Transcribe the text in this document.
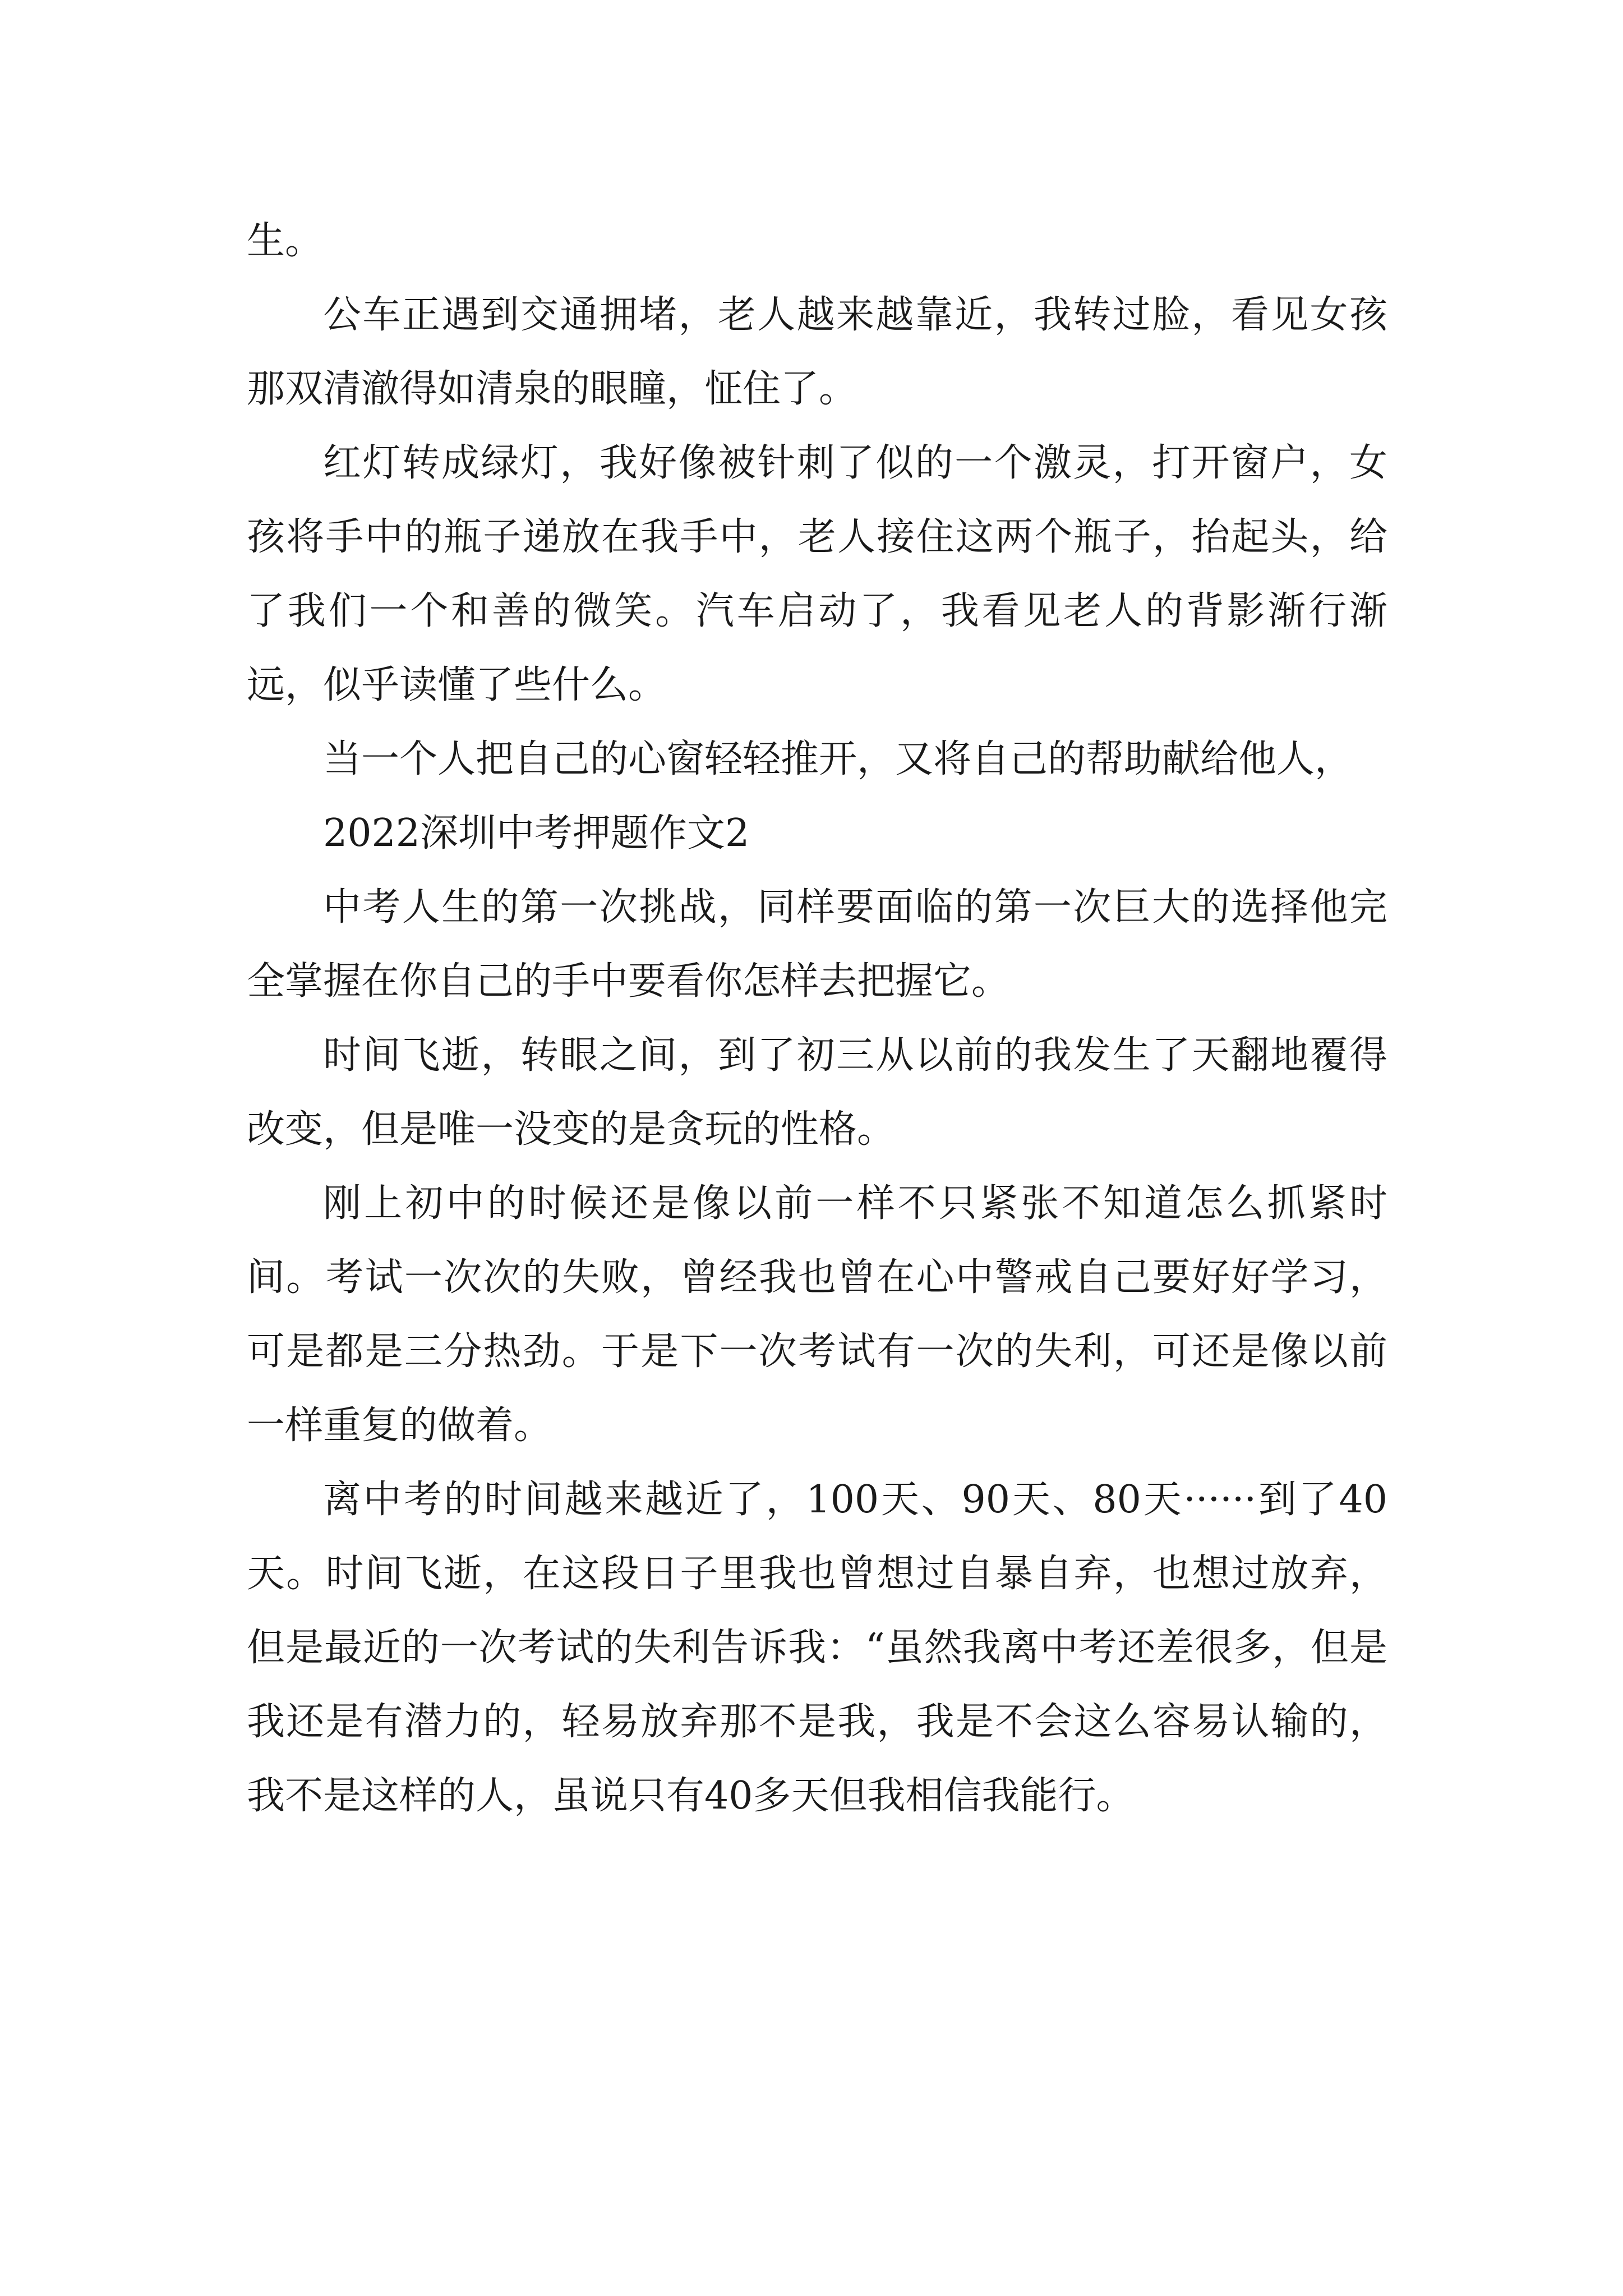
生。

公车正遇到交通拥堵，老人越来越靠近，我转过脸，看见女孩那双清澈得如清泉的眼瞳，怔住了。

红灯转成绿灯，我好像被针刺了似的一个激灵，打开窗户，女孩将手中的瓶子递放在我手中，老人接住这两个瓶子，抬起头，给了我们一个和善的微笑。汽车启动了，我看见老人的背影渐行渐远，似乎读懂了些什么。

当一个人把自己的心窗轻轻推开，又将自己的帮助献给他人，

2022深圳中考押题作文2

中考人生的第一次挑战，同样要面临的第一次巨大的选择他完全掌握在你自己的手中要看你怎样去把握它。

时间飞逝，转眼之间，到了初三从以前的我发生了天翻地覆得改变，但是唯一没变的是贪玩的性格。

刚上初中的时候还是像以前一样不只紧张不知道怎么抓紧时间。考试一次次的失败，曾经我也曾在心中警戒自己要好好学习，可是都是三分热劲。于是下一次考试有一次的失利，可还是像以前一样重复的做着。

离中考的时间越来越近了，100天、90天、80天······到了40天。时间飞逝，在这段日子里我也曾想过自暴自弃，也想过放弃，但是最近的一次考试的失利告诉我：“虽然我离中考还差很多，但是我还是有潜力的，轻易放弃那不是我，我是不会这么容易认输的，我不是这样的人，虽说只有40多天但我相信我能行。
